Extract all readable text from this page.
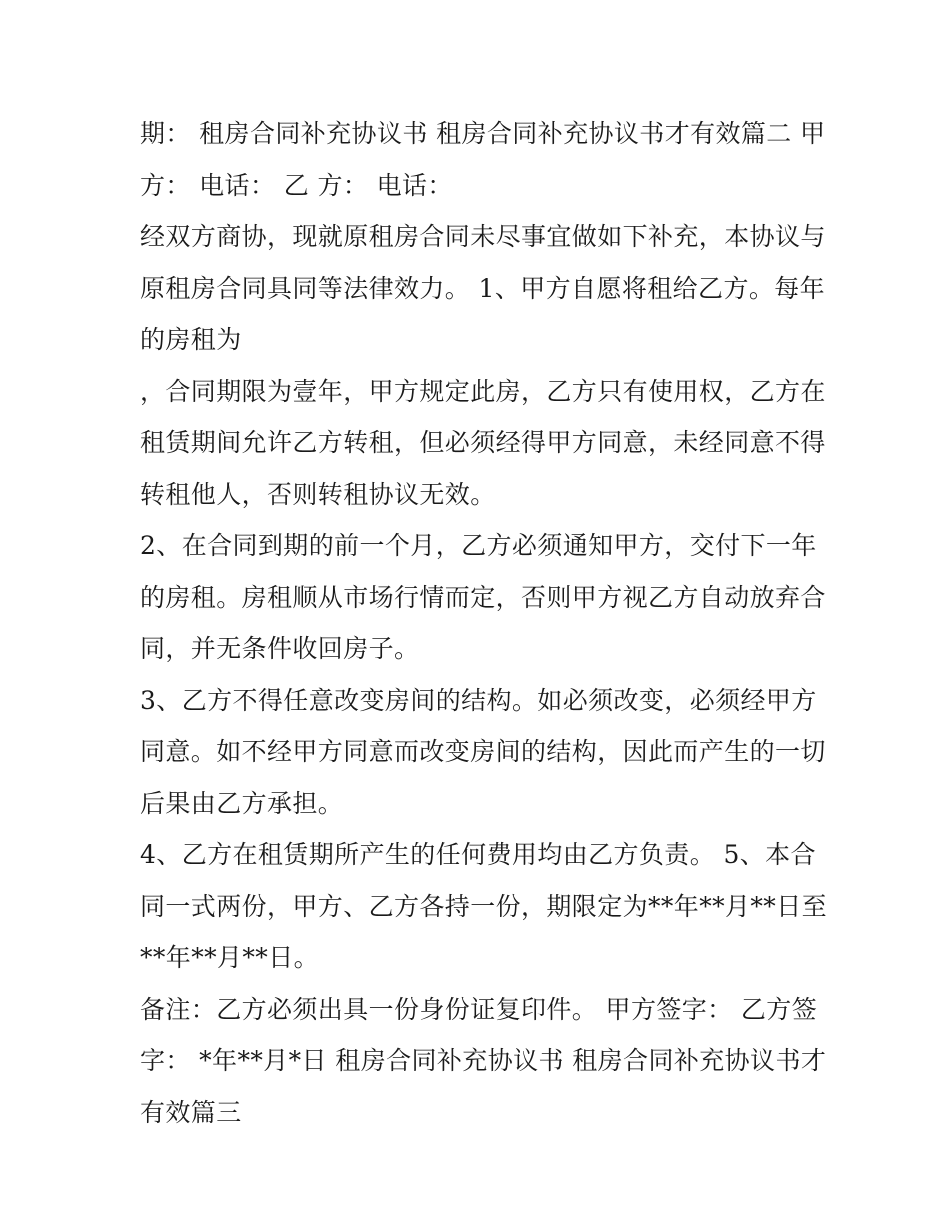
期： 租房合同补充协议书 租房合同补充协议书才有效篇二 甲
方： 电话： 乙 方： 电话：
经双方商协，现就原租房合同未尽事宜做如下补充，本协议与
原租房合同具同等法律效力。 1、甲方自愿将租给乙方。每年
的房租为
，合同期限为壹年，甲方规定此房，乙方只有使用权，乙方在
租赁期间允许乙方转租，但必须经得甲方同意，未经同意不得
转租他人，否则转租协议无效。
2、在合同到期的前一个月，乙方必须通知甲方，交付下一年
的房租。房租顺从市场行情而定，否则甲方视乙方自动放弃合
同，并无条件收回房子。
3、乙方不得任意改变房间的结构。如必须改变，必须经甲方
同意。如不经甲方同意而改变房间的结构，因此而产生的一切
后果由乙方承担。
4、乙方在租赁期所产生的任何费用均由乙方负责。 5、本合
同一式两份，甲方、乙方各持一份，期限定为**年**月**日至
**年**月**日。
备注：乙方必须出具一份身份证复印件。 甲方签字： 乙方签
字： *年**月*日 租房合同补充协议书 租房合同补充协议书才
有效篇三
